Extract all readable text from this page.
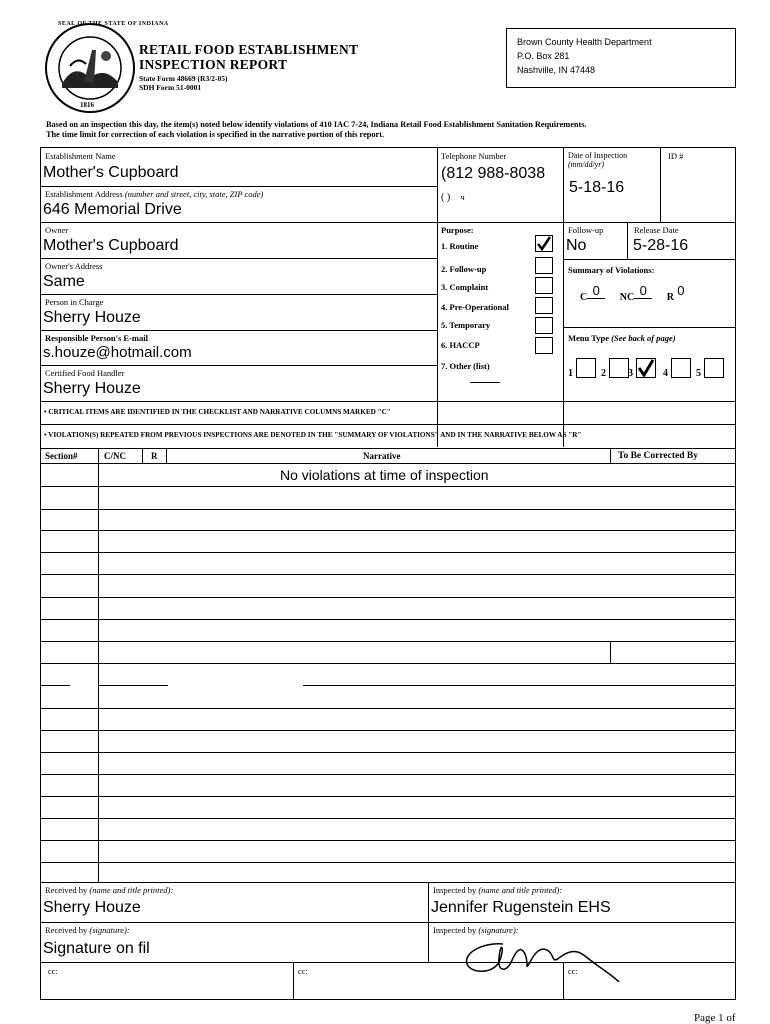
SEAL OF THE STATE OF INDIANA
1816
RETAIL FOOD ESTABLISHMENT
INSPECTION REPORT
State Form 48669 (R3/2-05)
SDH Form 51-0001
Brown County Health Department
P.O. Box 281
Nashville, IN 47448
Based on an inspection this day, the item(s) noted below identify violations of 410 IAC 7-24, Indiana Retail Food Establishment Sanitation Requirements.
The time limit for correction of each violation is specified in the narrative portion of this report.
Establishment Name
Mother's Cupboard
Establishment Address (number and street, city, state, ZIP code)
646 Memorial Drive
Owner
Mother's Cupboard
Owner's Address
Same
Person in Charge
Sherry Houze
Responsible Person's E-mail
s.houze@hotmail.com
Certified Food Handler
Sherry Houze
Telephone Number
(812 988-8038
( ) ч
Purpose:
1. Routine
2. Follow-up
3. Complaint
4. Pre-Operational
5. Temporary
6. HACCP
7. Other (list)
Date of Inspection
(mm/dd/yr)
5-18-16
ID #
Follow-up
No
Release Date
5-28-16
Summary of Violations:
C 0 NC 0 R 0
Menu Type (See back of page)
1	2 3	4	5
• CRITICAL ITEMS ARE IDENTIFIED IN THE CHECKLIST AND NARRATIVE COLUMNS MARKED "C"
• VIOLATION(S) REPEATED FROM PREVIOUS INSPECTIONS ARE DENOTED IN THE "SUMMARY OF VIOLATIONS" AND IN THE NARRATIVE BELOW AS "R"
Section#	C/NC	R	Narrative	To Be Corrected By
No violations at time of inspection
Received by (name and title printed):
Sherry Houze
Inspected by (name and title printed):
Jennifer Rugenstein EHS
Received by (signature):
Signature on fil
Inspected by (signature):
cc:	cc:	cc:
Page 1 of
